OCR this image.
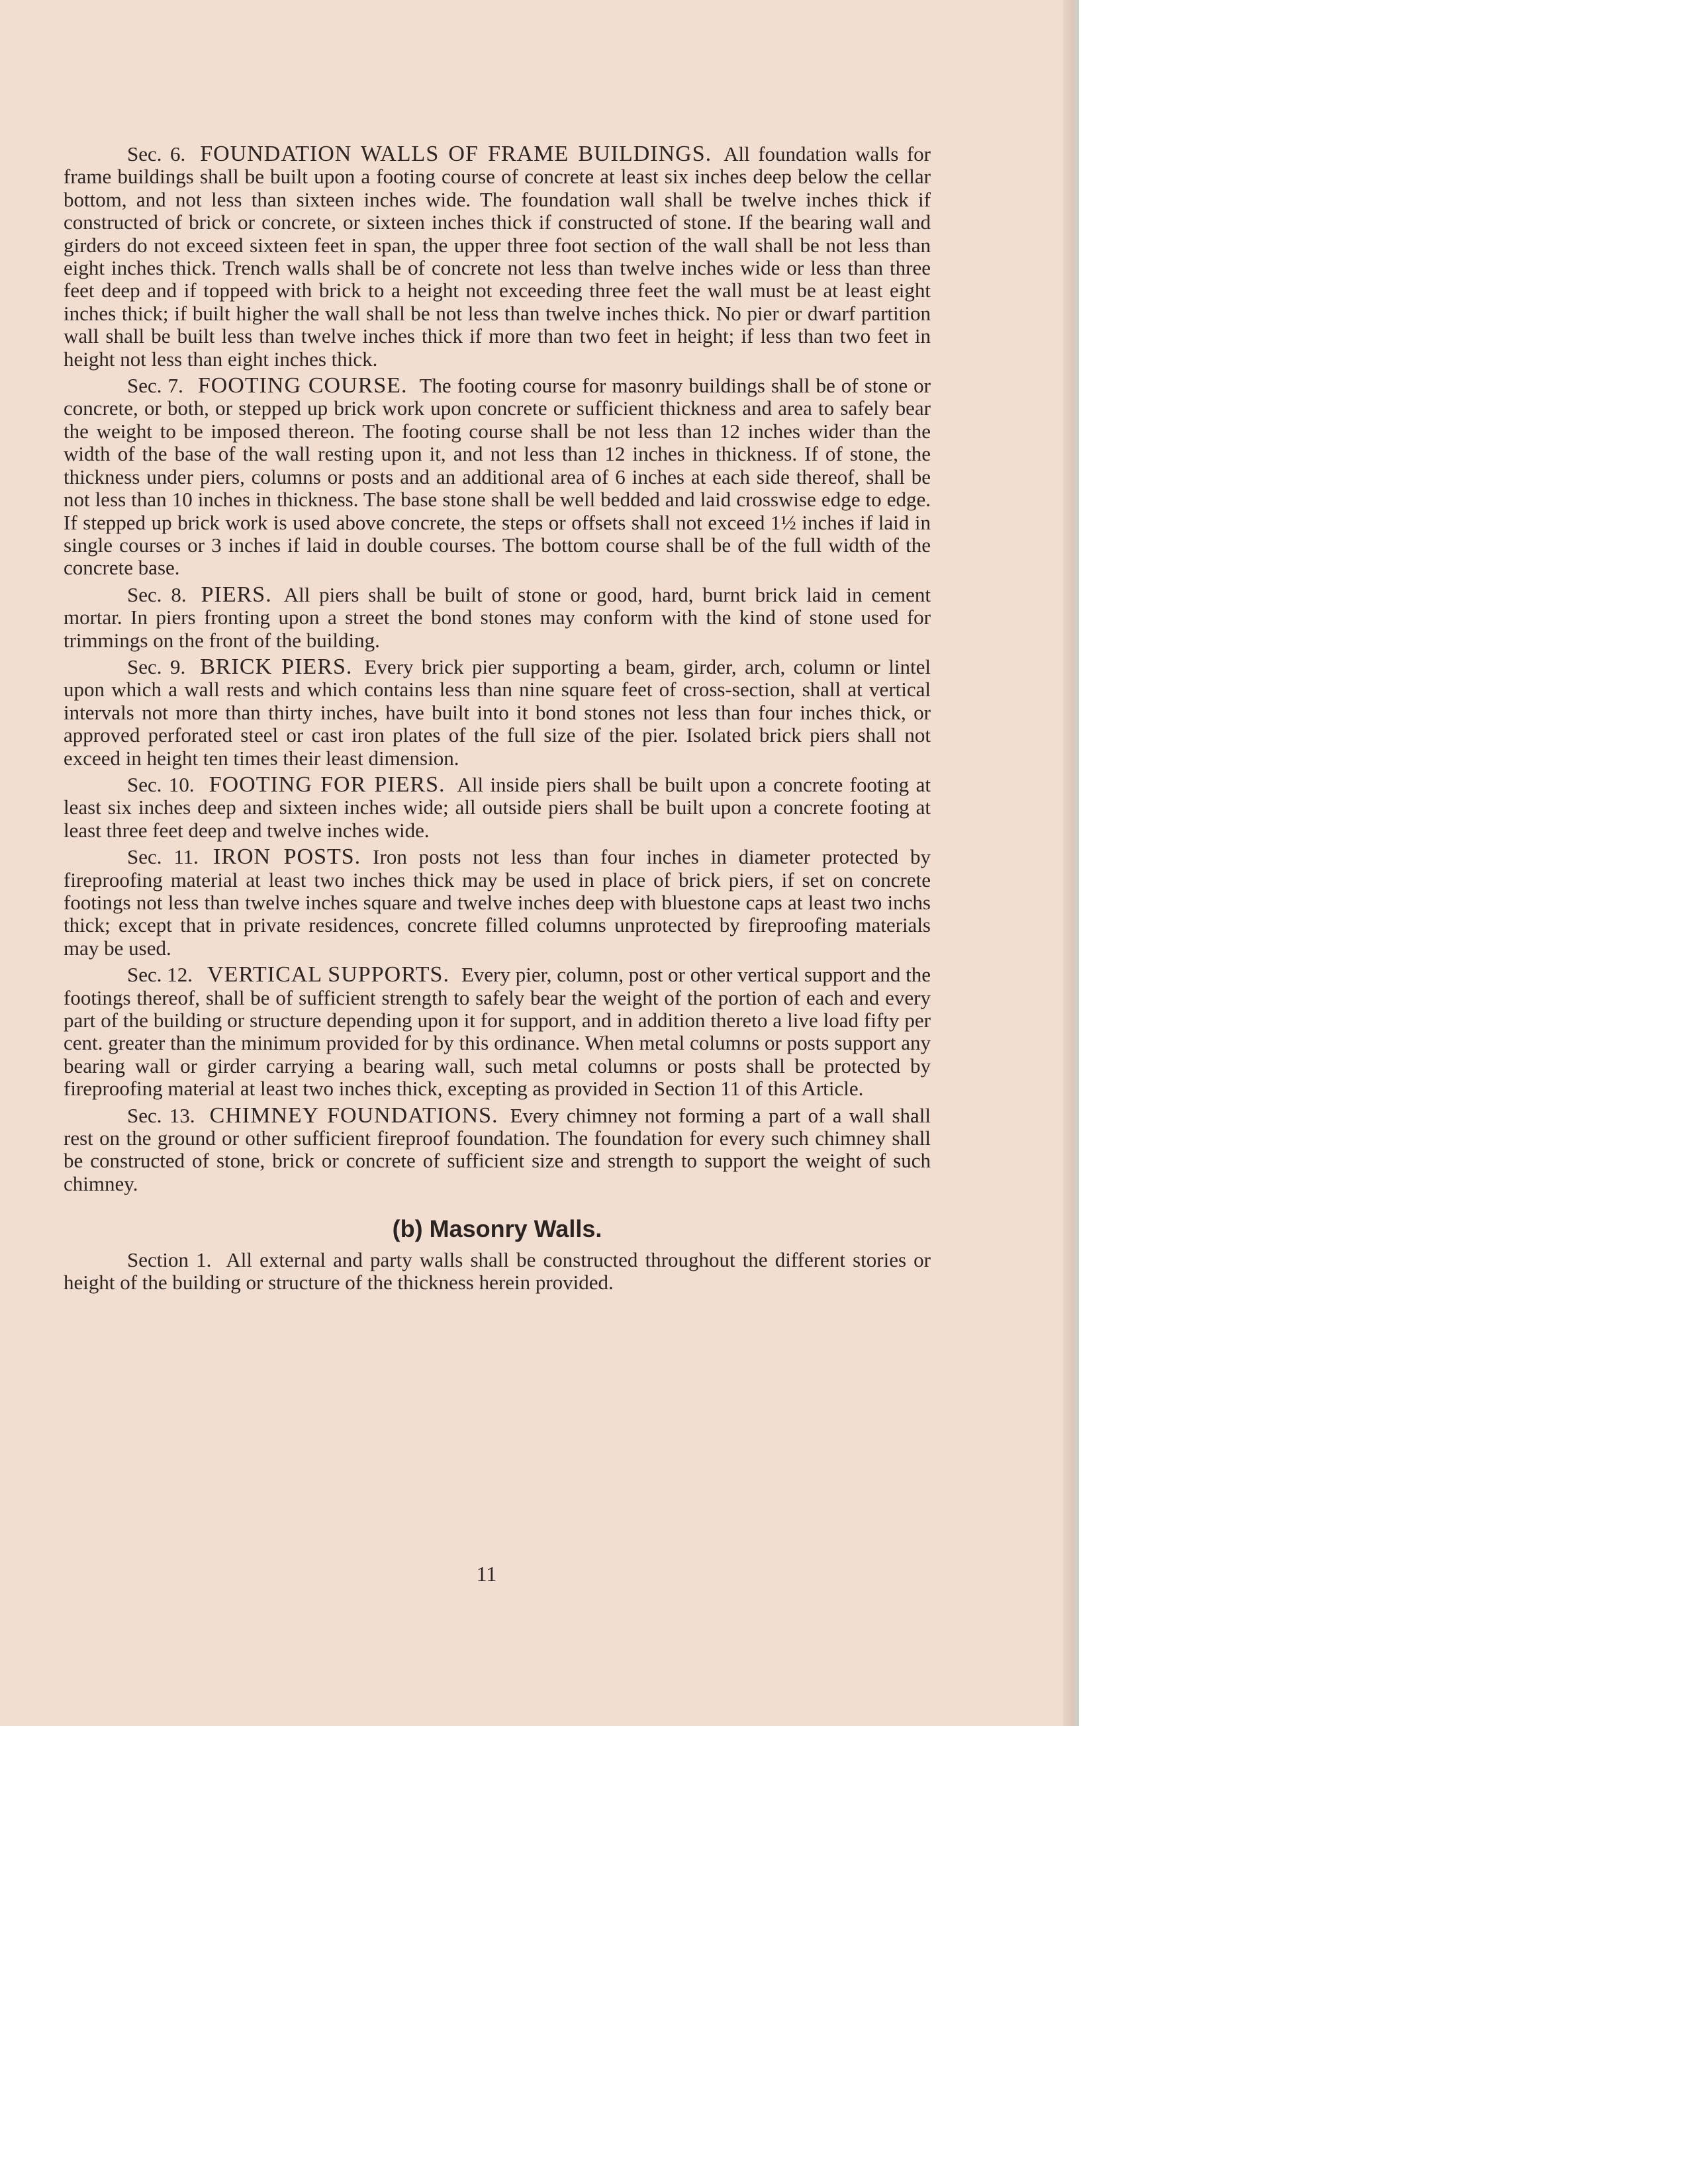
Sec. 6. FOUNDATION WALLS OF FRAME BUILDINGS. All foundation walls for frame buildings shall be built upon a footing course of concrete at least six inches deep below the cellar bottom, and not less than sixteen inches wide. The foundation wall shall be twelve inches thick if constructed of brick or concrete, or sixteen inches thick if constructed of stone. If the bearing wall and girders do not exceed sixteen feet in span, the upper three foot section of the wall shall be not less than eight inches thick. Trench walls shall be of concrete not less than twelve inches wide or less than three feet deep and if toppeed with brick to a height not exceeding three feet the wall must be at least eight inches thick; if built higher the wall shall be not less than twelve inches thick. No pier or dwarf partition wall shall be built less than twelve inches thick if more than two feet in height; if less than two feet in height not less than eight inches thick.

Sec. 7. FOOTING COURSE. The footing course for masonry buildings shall be of stone or concrete, or both, or stepped up brick work upon concrete or sufficient thickness and area to safely bear the weight to be imposed thereon. The footing course shall be not less than 12 inches wider than the width of the base of the wall resting upon it, and not less than 12 inches in thickness. If of stone, the thickness under piers, columns or posts and an additional area of 6 inches at each side thereof, shall be not less than 10 inches in thickness. The base stone shall be well bedded and laid crosswise edge to edge. If stepped up brick work is used above concrete, the steps or offsets shall not exceed 1½ inches if laid in single courses or 3 inches if laid in double courses. The bottom course shall be of the full width of the concrete base.

Sec. 8. PIERS. All piers shall be built of stone or good, hard, burnt brick laid in cement mortar. In piers fronting upon a street the bond stones may conform with the kind of stone used for trimmings on the front of the building.

Sec. 9. BRICK PIERS. Every brick pier supporting a beam, girder, arch, column or lintel upon which a wall rests and which contains less than nine square feet of cross-section, shall at vertical intervals not more than thirty inches, have built into it bond stones not less than four inches thick, or approved perforated steel or cast iron plates of the full size of the pier. Isolated brick piers shall not exceed in height ten times their least dimension.

Sec. 10. FOOTING FOR PIERS. All inside piers shall be built upon a concrete footing at least six inches deep and sixteen inches wide; all outside piers shall be built upon a concrete footing at least three feet deep and twelve inches wide.

Sec. 11. IRON POSTS. Iron posts not less than four inches in diameter protected by fireproofing material at least two inches thick may be used in place of brick piers, if set on concrete footings not less than twelve inches square and twelve inches deep with bluestone caps at least two inchs thick; except that in private residences, concrete filled columns unprotected by fireproofing materials may be used.

Sec. 12. VERTICAL SUPPORTS. Every pier, column, post or other vertical support and the footings thereof, shall be of sufficient strength to safely bear the weight of the portion of each and every part of the building or structure depending upon it for support, and in addition thereto a live load fifty per cent. greater than the minimum provided for by this ordinance. When metal columns or posts support any bearing wall or girder carrying a bearing wall, such metal columns or posts shall be protected by fireproofing material at least two inches thick, excepting as provided in Section 11 of this Article.

Sec. 13. CHIMNEY FOUNDATIONS. Every chimney not forming a part of a wall shall rest on the ground or other sufficient fireproof foundation. The foundation for every such chimney shall be constructed of stone, brick or concrete of sufficient size and strength to support the weight of such chimney.

(b) Masonry Walls.

Section 1. All external and party walls shall be constructed throughout the different stories or height of the building or structure of the thickness herein provided.

11
